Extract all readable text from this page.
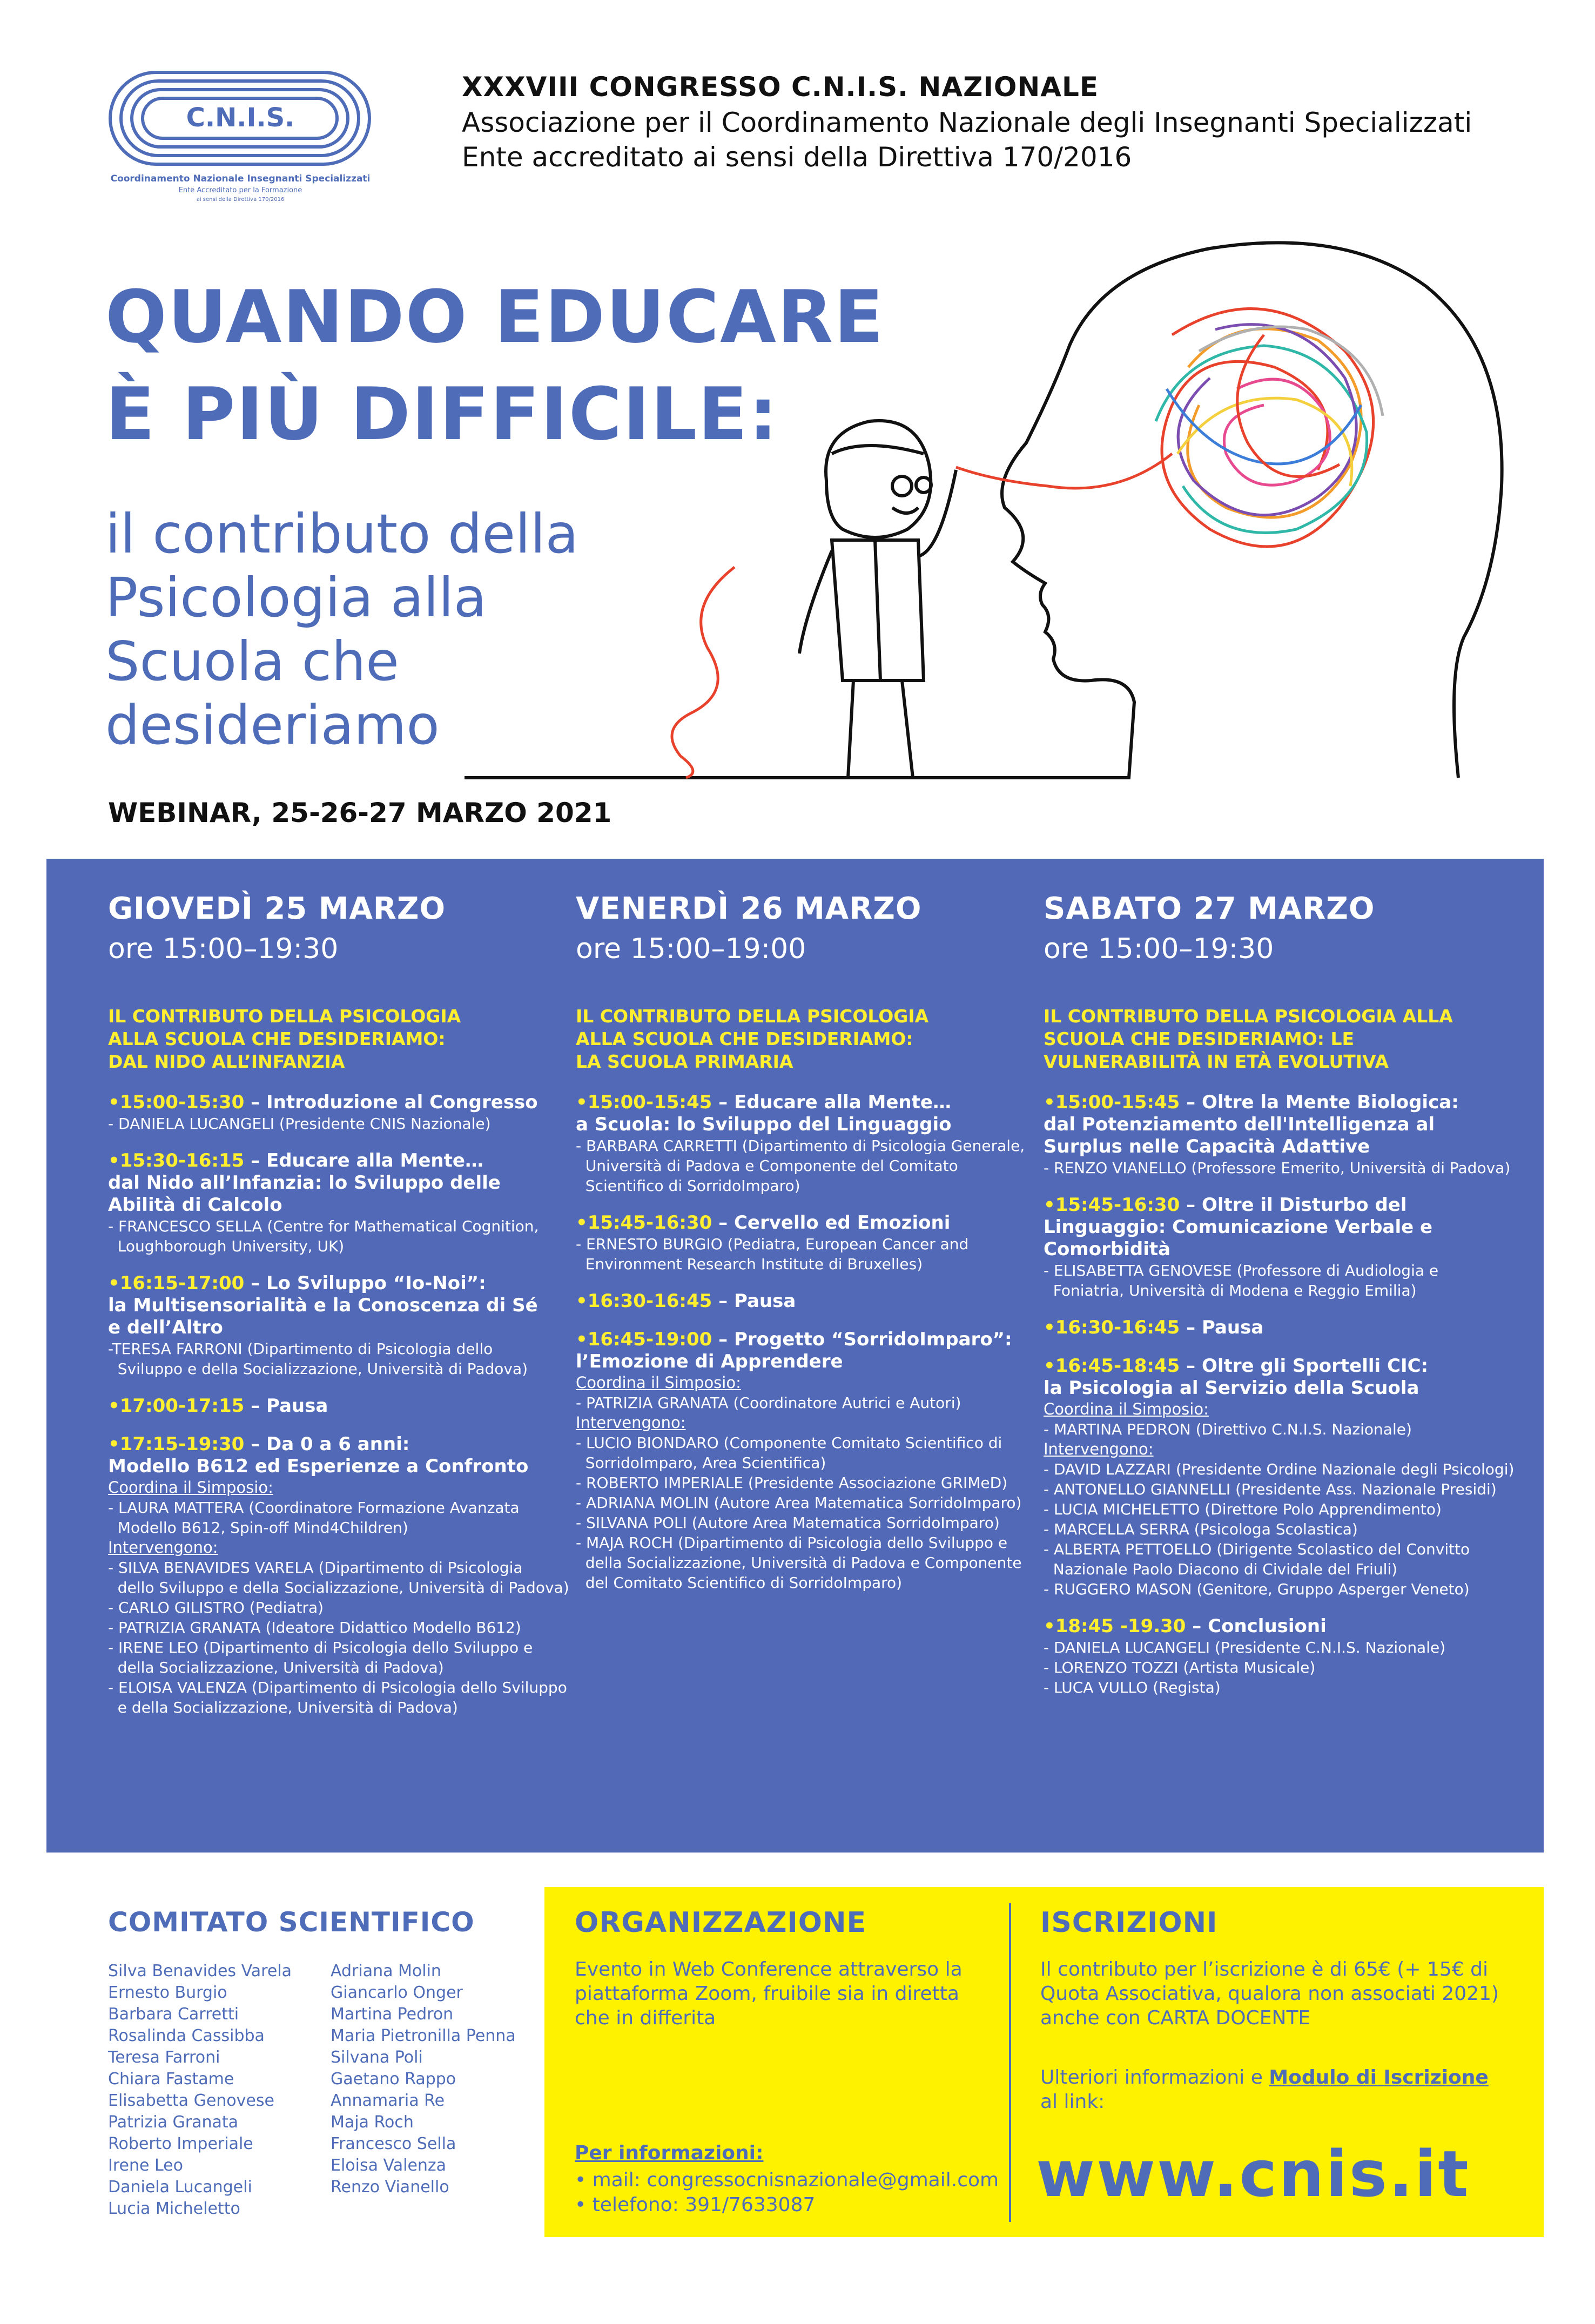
C.N.I.S.
Coordinamento Nazionale Insegnanti Specializzati
Ente Accreditato per la Formazione
ai sensi della Direttiva 170/2016
XXXVIII CONGRESSO C.N.I.S. NAZIONALE
Associazione per il Coordinamento Nazionale degli Insegnanti Specializzati
Ente accreditato ai sensi della Direttiva 170/2016
QUANDO EDUCARE
È PIÙ DIFFICILE:
il contributo della
Psicologia alla
Scuola che
desideriamo
WEBINAR, 25-26-27 MARZO 2021
GIOVEDÌ 25 MARZO
ore 15:00–19:30
IL CONTRIBUTO DELLA PSICOLOGIA
ALLA SCUOLA CHE DESIDERIAMO:
DAL NIDO ALL’INFANZIA
•15:00-15:30 – Introduzione al Congresso
- DANIELA LUCANGELI (Presidente CNIS Nazionale)
•15:30-16:15 – Educare alla Mente…
dal Nido all’Infanzia: lo Sviluppo delle
Abilità di Calcolo
- FRANCESCO SELLA (Centre for Mathematical Cognition,
Loughborough University, UK)
•16:15-17:00 – Lo Sviluppo “Io-Noi”:
la Multisensorialità e la Conoscenza di Sé
e dell’Altro
-TERESA FARRONI (Dipartimento di Psicologia dello
Sviluppo e della Socializzazione, Università di Padova)
•17:00-17:15 – Pausa
•17:15-19:30 – Da 0 a 6 anni:
Modello B612 ed Esperienze a Confronto
Coordina il Simposio:
- LAURA MATTERA (Coordinatore Formazione Avanzata
Modello B612, Spin-off Mind4Children)
Intervengono:
- SILVA BENAVIDES VARELA (Dipartimento di Psicologia
dello Sviluppo e della Socializzazione, Università di Padova)
- CARLO GILISTRO (Pediatra)
- PATRIZIA GRANATA (Ideatore Didattico Modello B612)
- IRENE LEO (Dipartimento di Psicologia dello Sviluppo e
della Socializzazione, Università di Padova)
- ELOISA VALENZA (Dipartimento di Psicologia dello Sviluppo
e della Socializzazione, Università di Padova)
VENERDÌ 26 MARZO
ore 15:00–19:00
IL CONTRIBUTO DELLA PSICOLOGIA
ALLA SCUOLA CHE DESIDERIAMO:
LA SCUOLA PRIMARIA
•15:00-15:45 – Educare alla Mente…
a Scuola: lo Sviluppo del Linguaggio
- BARBARA CARRETTI (Dipartimento di Psicologia Generale,
Università di Padova e Componente del Comitato
Scientifico di SorridoImparo)
•15:45-16:30 – Cervello ed Emozioni
- ERNESTO BURGIO (Pediatra, European Cancer and
Environment Research Institute di Bruxelles)
•16:30-16:45 – Pausa
•16:45-19:00 – Progetto “SorridoImparo”:
l’Emozione di Apprendere
Coordina il Simposio:
- PATRIZIA GRANATA (Coordinatore Autrici e Autori)
Intervengono:
- LUCIO BIONDARO (Componente Comitato Scientifico di
SorridoImparo, Area Scientifica)
- ROBERTO IMPERIALE (Presidente Associazione GRIMeD)
- ADRIANA MOLIN (Autore Area Matematica SorridoImparo)
- SILVANA POLI (Autore Area Matematica SorridoImparo)
- MAJA ROCH (Dipartimento di Psicologia dello Sviluppo e
della Socializzazione, Università di Padova e Componente
del Comitato Scientifico di SorridoImparo)
SABATO 27 MARZO
ore 15:00–19:30
IL CONTRIBUTO DELLA PSICOLOGIA ALLA
SCUOLA CHE DESIDERIAMO: LE
VULNERABILITÀ IN ETÀ EVOLUTIVA
•15:00-15:45 – Oltre la Mente Biologica:
dal Potenziamento dell'Intelligenza al
Surplus nelle Capacità Adattive
- RENZO VIANELLO (Professore Emerito, Università di Padova)
•15:45-16:30 – Oltre il Disturbo del
Linguaggio: Comunicazione Verbale e
Comorbidità
- ELISABETTA GENOVESE (Professore di Audiologia e
Foniatria, Università di Modena e Reggio Emilia)
•16:30-16:45 – Pausa
•16:45-18:45 – Oltre gli Sportelli CIC:
la Psicologia al Servizio della Scuola
Coordina il Simposio:
- MARTINA PEDRON (Direttivo C.N.I.S. Nazionale)
Intervengono:
- DAVID LAZZARI (Presidente Ordine Nazionale degli Psicologi)
- ANTONELLO GIANNELLI (Presidente Ass. Nazionale Presidi)
- LUCIA MICHELETTO (Direttore Polo Apprendimento)
- MARCELLA SERRA (Psicologa Scolastica)
- ALBERTA PETTOELLO (Dirigente Scolastico del Convitto
Nazionale Paolo Diacono di Cividale del Friuli)
- RUGGERO MASON (Genitore, Gruppo Asperger Veneto)
•18:45 -19.30 – Conclusioni
- DANIELA LUCANGELI (Presidente C.N.I.S. Nazionale)
- LORENZO TOZZI (Artista Musicale)
- LUCA VULLO (Regista)
COMITATO SCIENTIFICO
Silva Benavides Varela
Ernesto Burgio
Barbara Carretti
Rosalinda Cassibba
Teresa Farroni
Chiara Fastame
Elisabetta Genovese
Patrizia Granata
Roberto Imperiale
Irene Leo
Daniela Lucangeli
Lucia Micheletto
Adriana Molin
Giancarlo Onger
Martina Pedron
Maria Pietronilla Penna
Silvana Poli
Gaetano Rappo
Annamaria Re
Maja Roch
Francesco Sella
Eloisa Valenza
Renzo Vianello
ORGANIZZAZIONE
Evento in Web Conference attraverso la
piattaforma Zoom, fruibile sia in diretta
che in differita
Per informazioni:
• mail: congressocnisnazionale@gmail.com
• telefono: 391/7633087
ISCRIZIONI
Il contributo per l’iscrizione è di 65€ (+ 15€ di
Quota Associativa, qualora non associati 2021)
anche con CARTA DOCENTE
Ulteriori informazioni e Modulo di Iscrizione
al link:
www.cnis.it
